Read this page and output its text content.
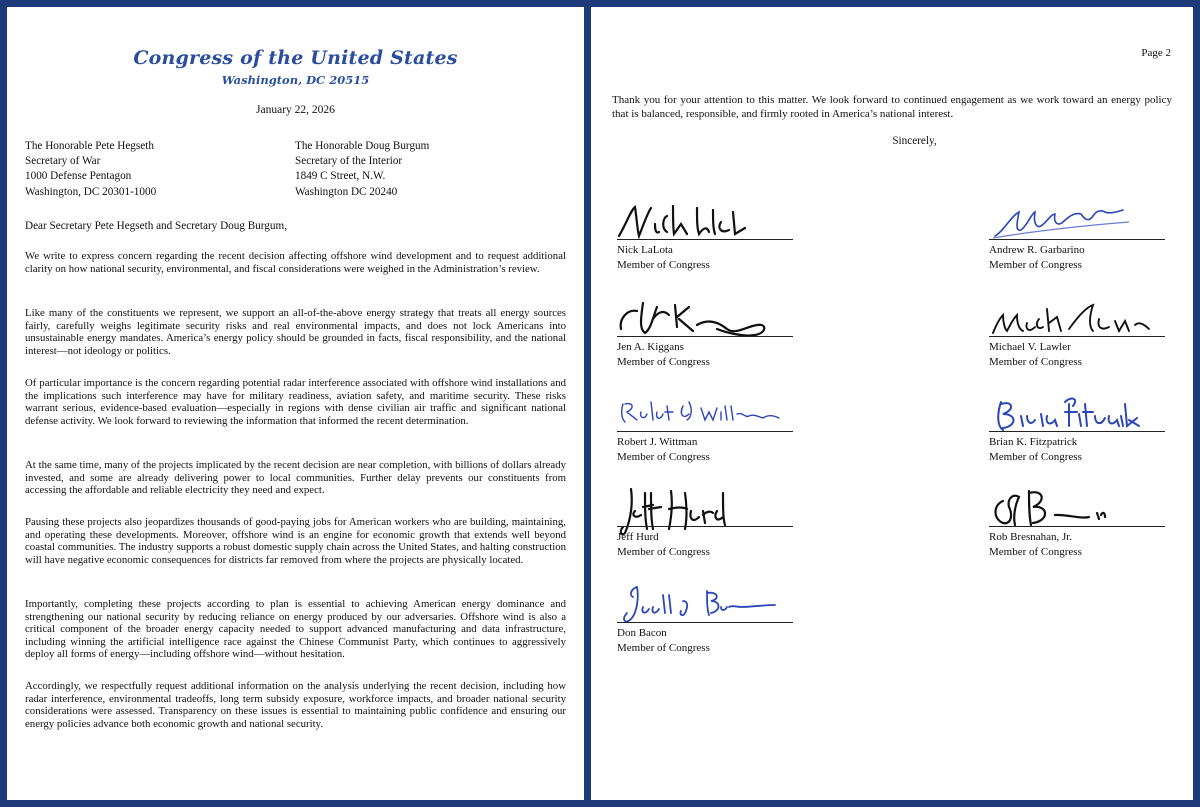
Congress of the United States
Washington, DC 20515
January 22, 2026
The Honorable Pete Hegseth
Secretary of War
1000 Defense Pentagon
Washington, DC 20301-1000
The Honorable Doug Burgum
Secretary of the Interior
1849 C Street, N.W.
Washington DC 20240
Dear Secretary Pete Hegseth and Secretary Doug Burgum,

We write to express concern regarding the recent decision affecting offshore wind development and to request additional clarity on how national security, environmental, and fiscal considerations were weighed in the Administration’s review.

Like many of the constituents we represent, we support an all-of-the-above energy strategy that treats all energy sources fairly, carefully weighs legitimate security risks and real environmental impacts, and does not lock Americans into unsustainable energy mandates. America’s energy policy should be grounded in facts, fiscal responsibility, and the national interest—not ideology or politics.

Of particular importance is the concern regarding potential radar interference associated with offshore wind installations and the implications such interference may have for military readiness, aviation safety, and maritime security. These risks warrant serious, evidence-based evaluation—especially in regions with dense civilian air traffic and significant national defense activity. We look forward to reviewing the information that informed the recent determination.

At the same time, many of the projects implicated by the recent decision are near completion, with billions of dollars already invested, and some are already delivering power to local communities. Further delay prevents our constituents from accessing the affordable and reliable electricity they need and expect.

Pausing these projects also jeopardizes thousands of good-paying jobs for American workers who are building, maintaining, and operating these developments. Moreover, offshore wind is an engine for economic growth that extends well beyond coastal communities. The industry supports a robust domestic supply chain across the United States, and halting construction will have negative economic consequences for districts far removed from where the projects are physically located.

Importantly, completing these projects according to plan is essential to achieving American energy dominance and strengthening our national security by reducing reliance on energy produced by our adversaries. Offshore wind is also a critical component of the broader energy capacity needed to support advanced manufacturing and data infrastructure, including winning the artificial intelligence race against the Chinese Communist Party, which continues to aggressively deploy all forms of energy—including offshore wind—without hesitation.

Accordingly, we respectfully request additional information on the analysis underlying the recent decision, including how radar interference, environmental tradeoffs, long term subsidy exposure, workforce impacts, and broader national security considerations were assessed. Transparency on these issues is essential to maintaining public confidence and ensuring our energy policies advance both economic growth and national security.

Page 2

Thank you for your attention to this matter. We look forward to continued engagement as we work toward an energy policy that is balanced, responsible, and firmly rooted in America’s national interest.

Sincerely,
Nick LaLota
Member of Congress
Andrew R. Garbarino
Member of Congress
Jen A. Kiggans
Member of Congress
Michael V. Lawler
Member of Congress
Robert J. Wittman
Member of Congress
Brian K. Fitzpatrick
Member of Congress
Jeff Hurd
Member of Congress
Rob Bresnahan, Jr.
Member of Congress
Don Bacon
Member of Congress
